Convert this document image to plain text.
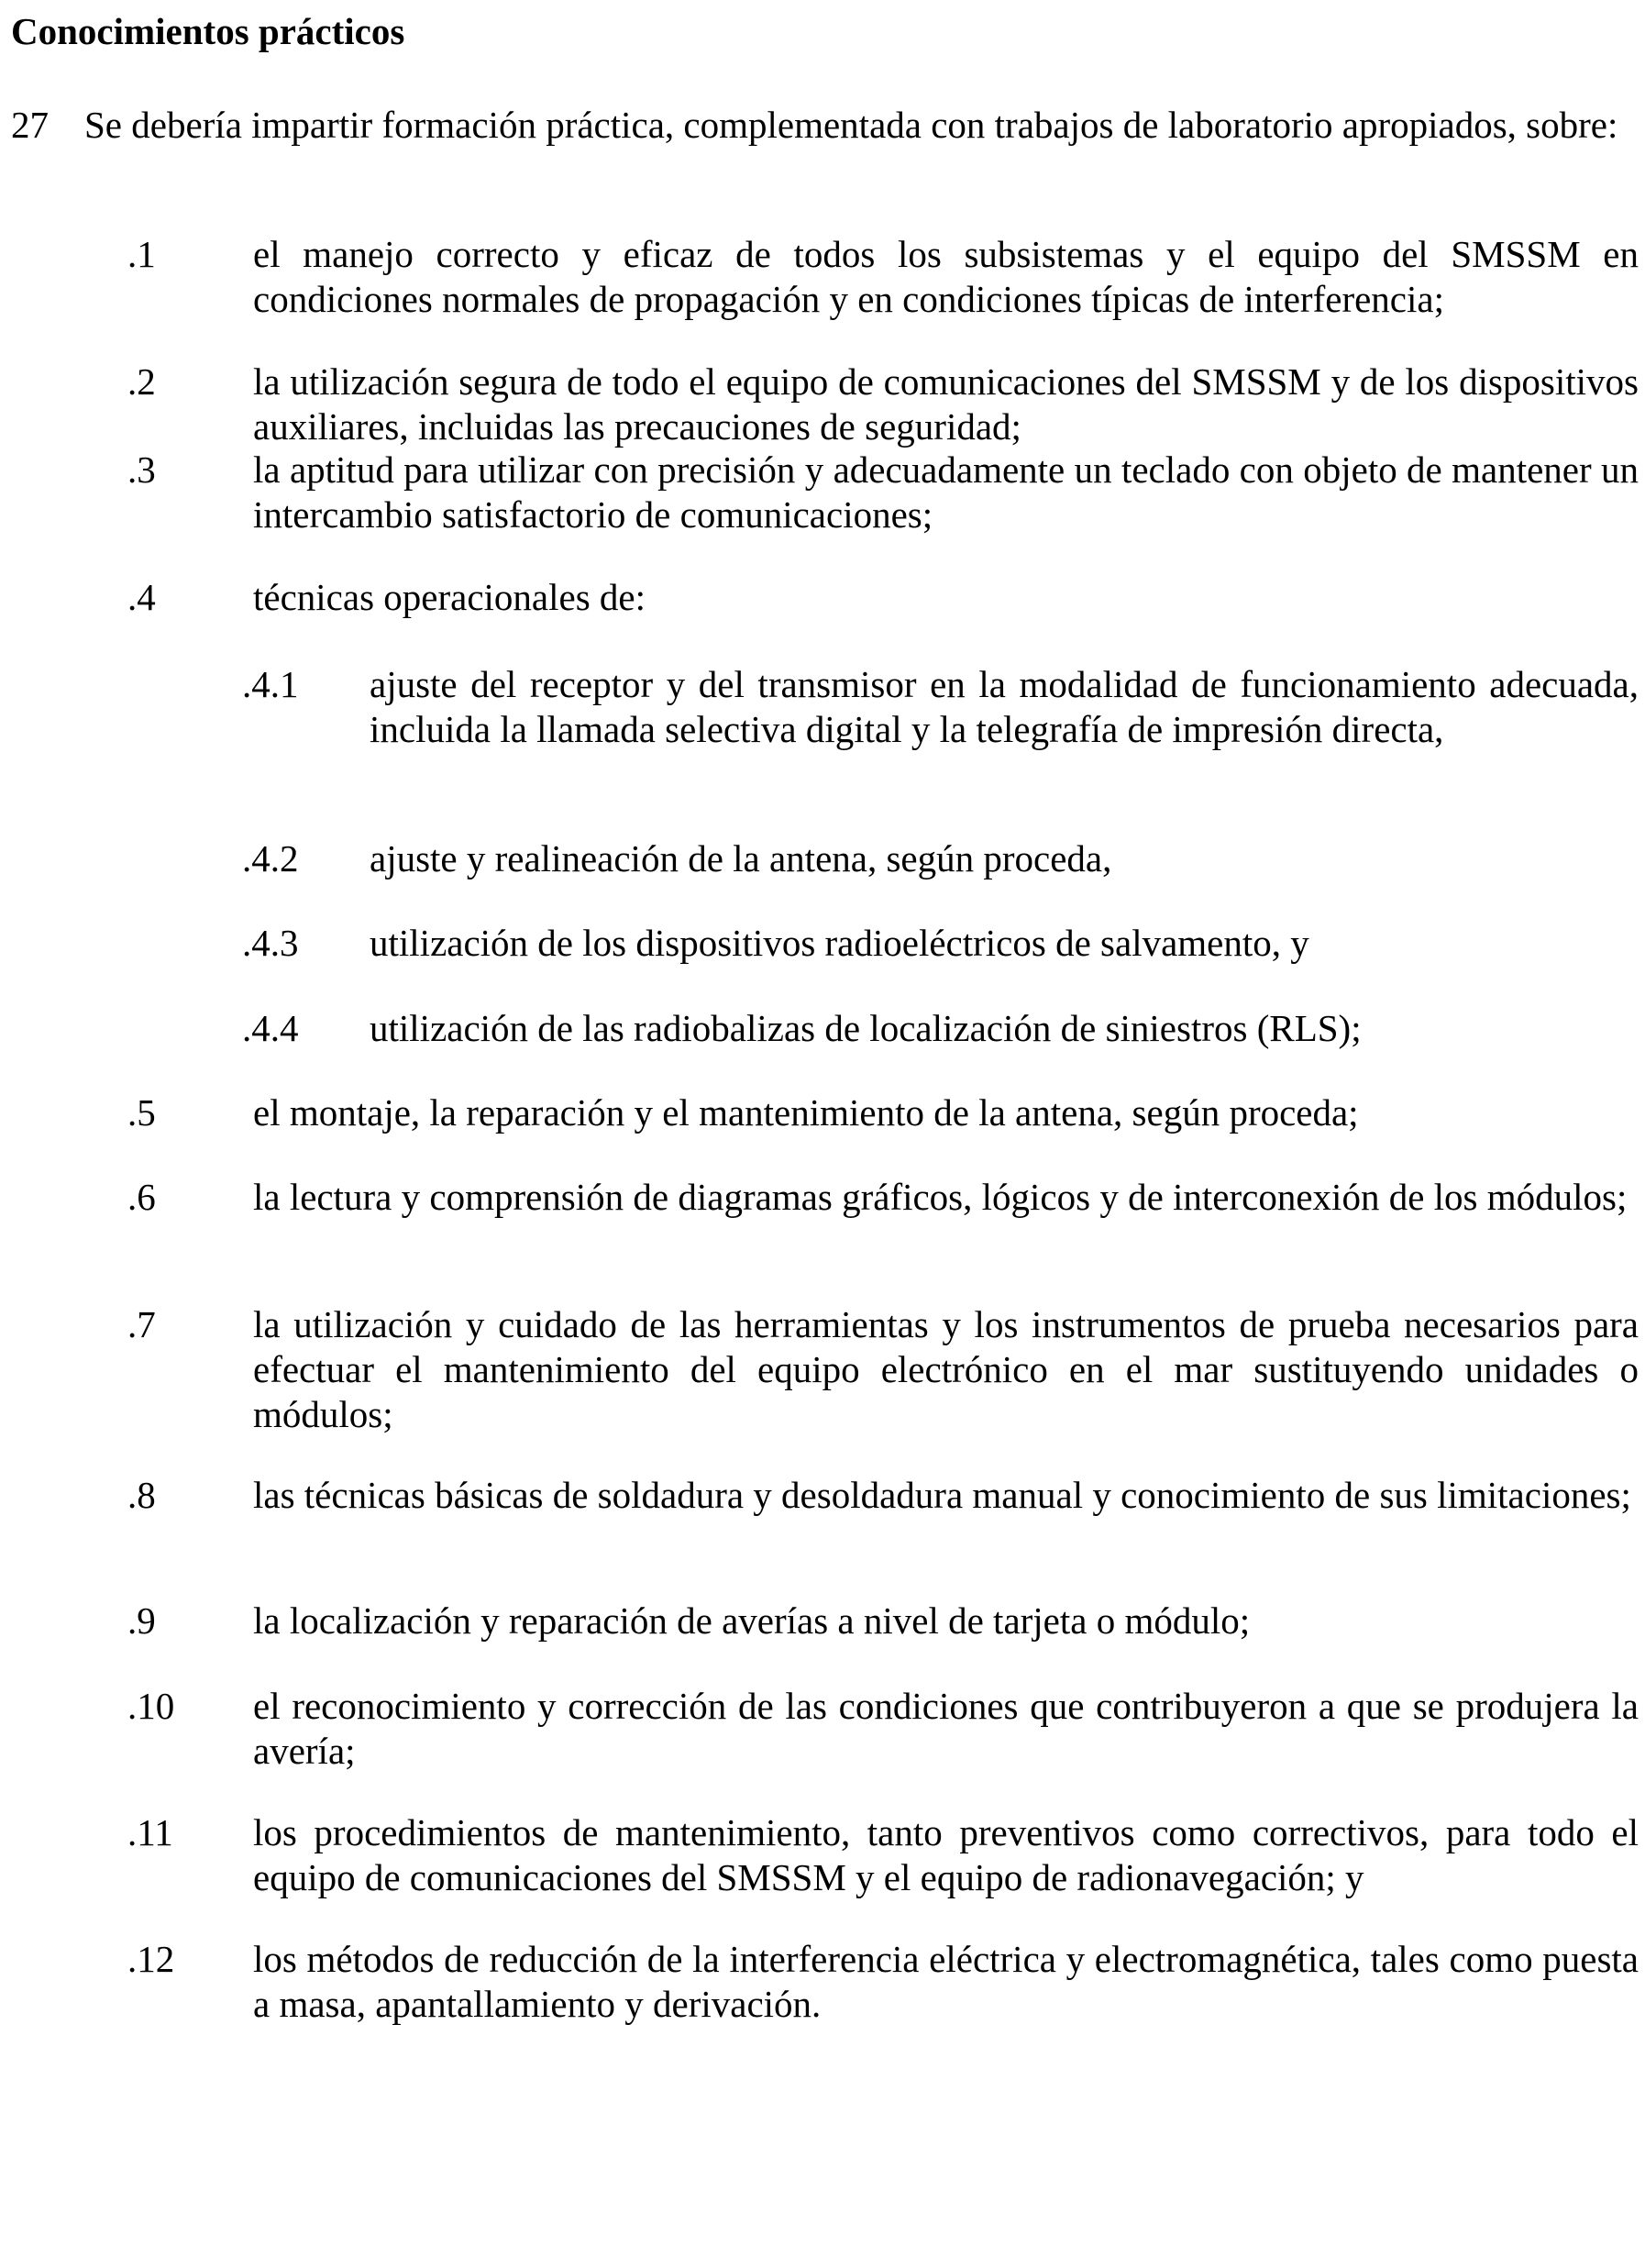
Conocimientos prácticos

27 Se debería impartir formación práctica, complementada con trabajos de laboratorio apropiados, sobre:

.1	el manejo correcto y eficaz de todos los subsistemas y el equipo del SMSSM en condiciones normales de propagación y en condiciones típicas de interferencia;

.2	la utilización segura de todo el equipo de comunicaciones del SMSSM y de los dispositivos auxiliares, incluidas las precauciones de seguridad;

.3	la aptitud para utilizar con precisión y adecuadamente un teclado con objeto de mantener un intercambio satisfactorio de comunicaciones;

.4	técnicas operacionales de:

.4.1 ajuste del receptor y del transmisor en la modalidad de funcionamiento adecuada, incluida la llamada selectiva digital y la telegrafía de impresión directa,

.4.2 ajuste y realineación de la antena, según proceda,

.4.3 utilización de los dispositivos radioeléctricos de salvamento, y

.4.4 utilización de las radiobalizas de localización de siniestros (RLS);

.5	el montaje, la reparación y el mantenimiento de la antena, según proceda;

.6	la lectura y comprensión de diagramas gráficos, lógicos y de interconexión de los módulos;

.7	la utilización y cuidado de las herramientas y los instrumentos de prueba necesarios para efectuar el mantenimiento del equipo electrónico en el mar sustituyendo unidades o módulos;

.8	las técnicas básicas de soldadura y desoldadura manual y conocimiento de sus limitaciones;

.9	la localización y reparación de averías a nivel de tarjeta o módulo;

.10 el reconocimiento y corrección de las condiciones que contribuyeron a que se produjera la avería;

.11 los procedimientos de mantenimiento, tanto preventivos como correctivos, para todo el equipo de comunicaciones del SMSSM y el equipo de radionavegación; y

.12 los métodos de reducción de la interferencia eléctrica y electromagnética, tales como puesta a masa, apantallamiento y derivación.
